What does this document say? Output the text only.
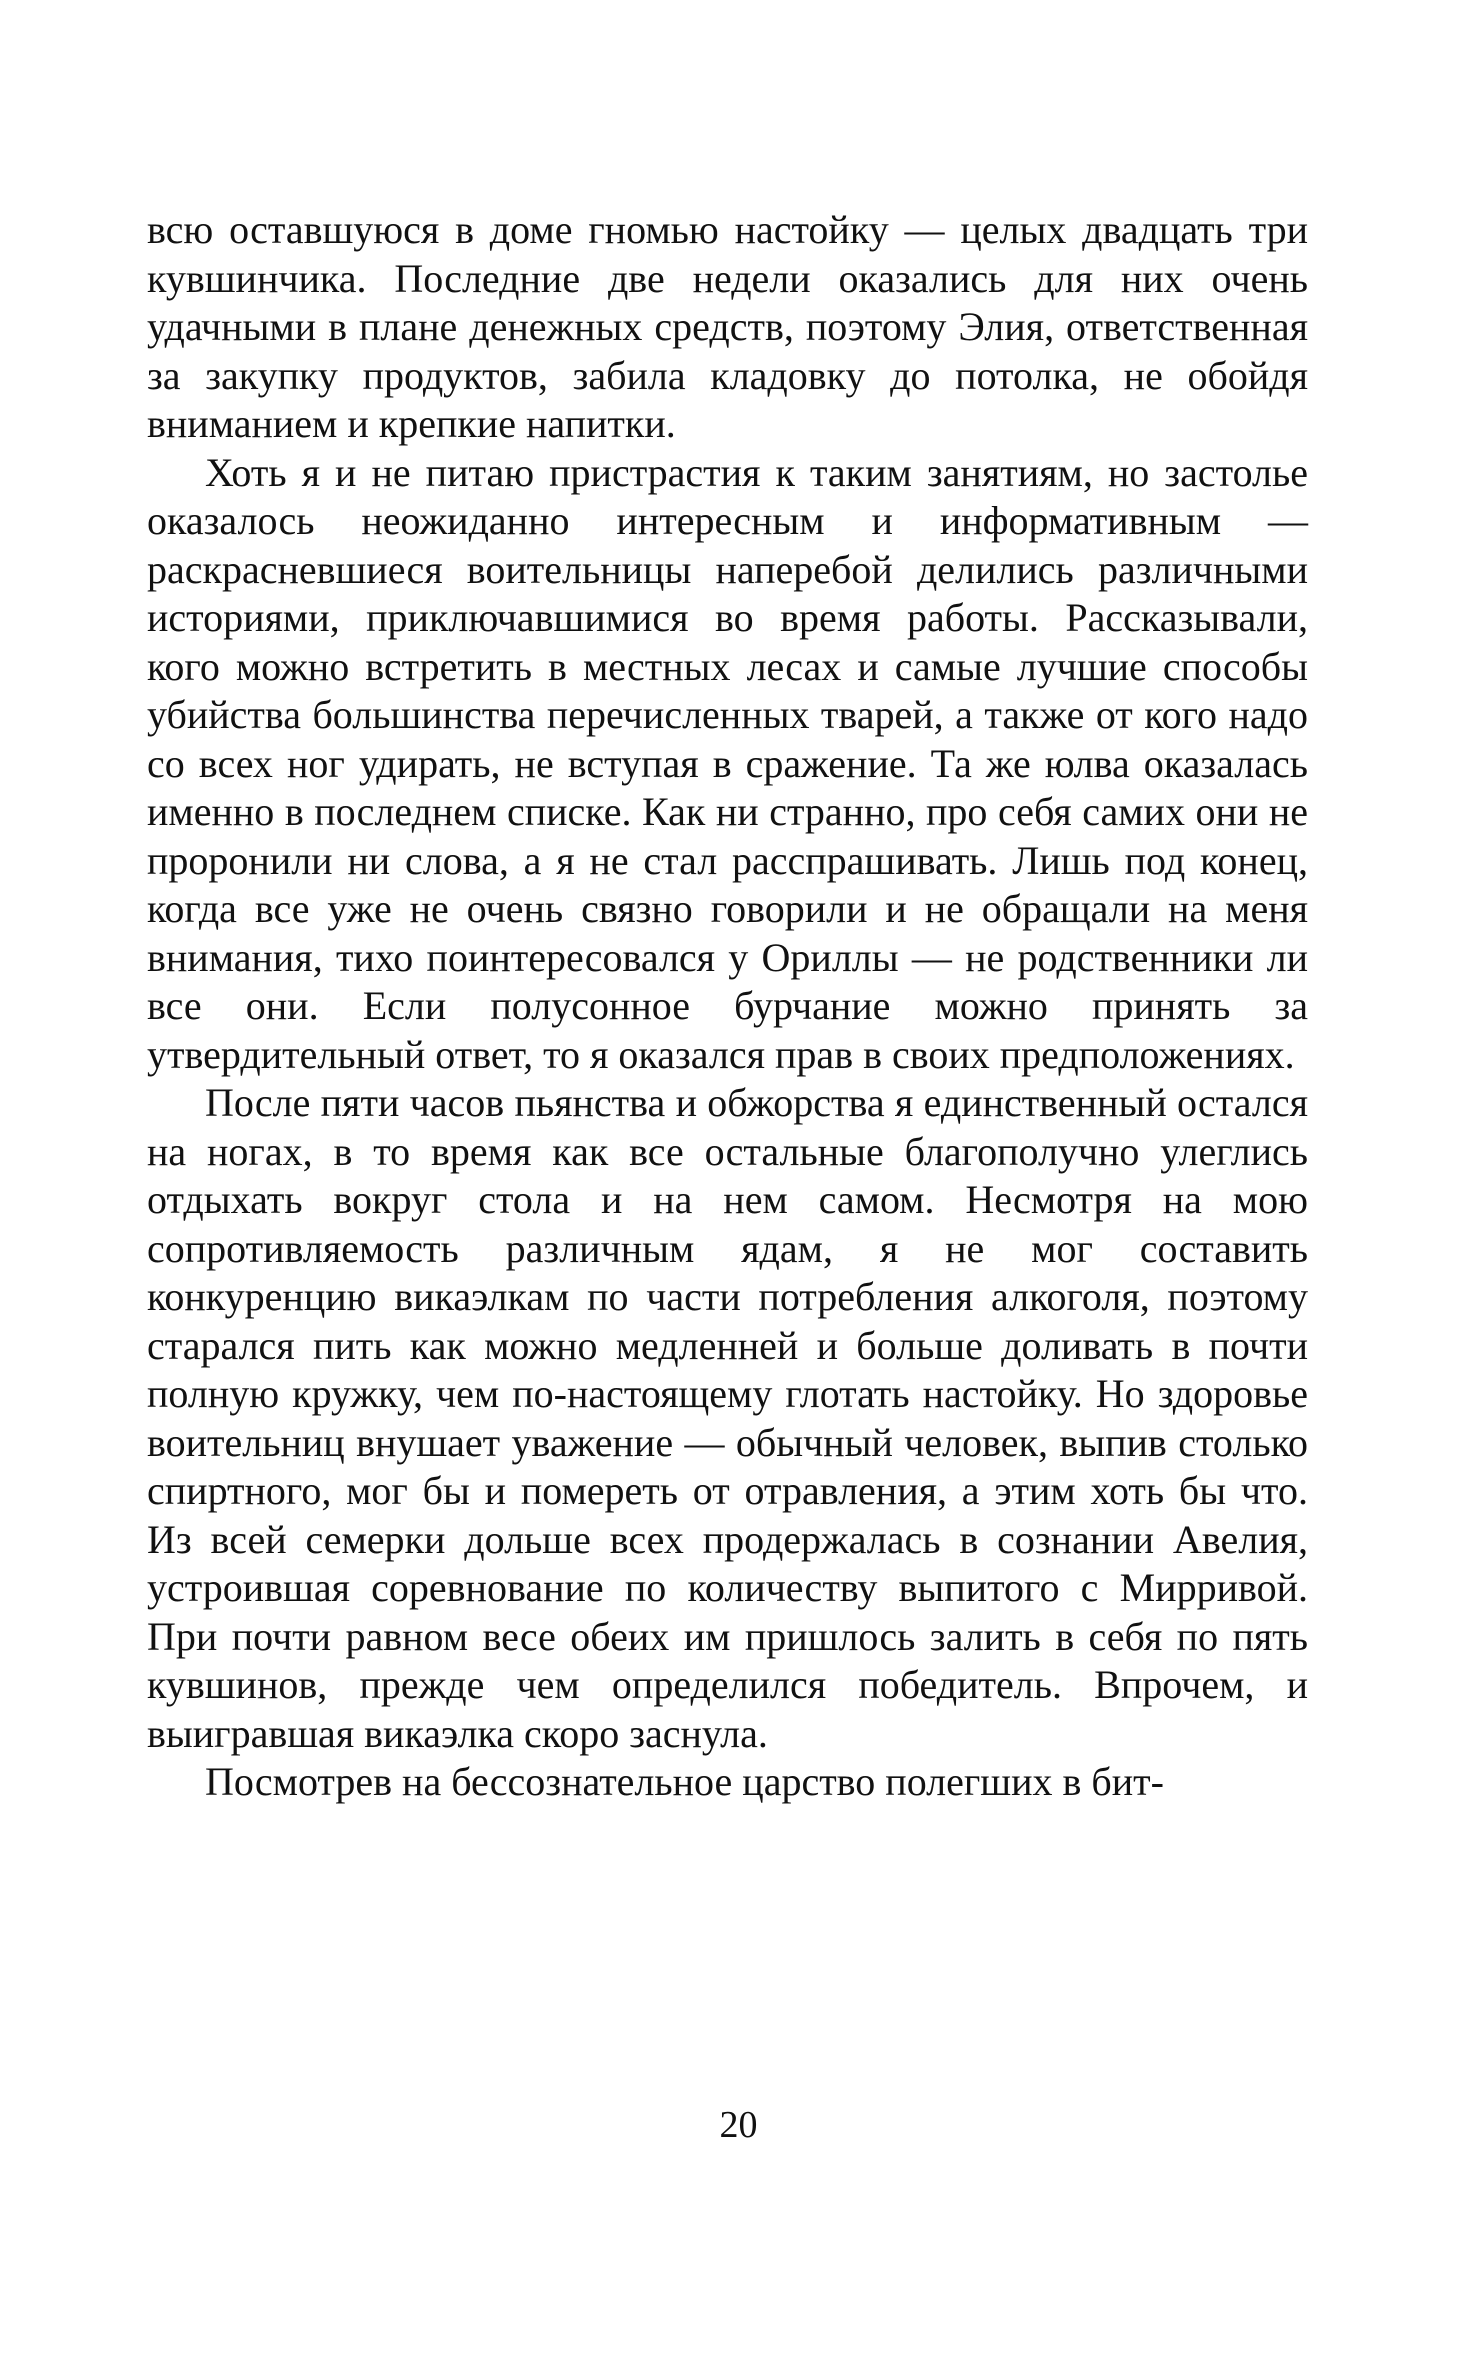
всю оставшуюся в доме гномью настойку — целых двадцать три кувшинчика. Последние две недели оказались для них очень удачными в плане денежных средств, поэтому Элия, ответственная за закупку продуктов, забила кладовку до потолка, не обойдя вниманием и крепкие напитки.

Хоть я и не питаю пристрастия к таким занятиям, но застолье оказалось неожиданно интересным и информативным — раскрасневшиеся воительницы наперебой делились различными историями, приключавшимися во время работы. Рассказывали, кого можно встретить в местных лесах и самые лучшие способы убийства большинства перечисленных тварей, а также от кого надо со всех ног удирать, не вступая в сражение. Та же юлва оказалась именно в последнем списке. Как ни странно, про себя самих они не проронили ни слова, а я не стал расспрашивать. Лишь под конец, когда все уже не очень связно говорили и не обращали на меня внимания, тихо поинтересовался у Ориллы — не родственники ли все они. Если полусонное бурчание можно принять за утвердительный ответ, то я оказался прав в своих предположениях.

После пяти часов пьянства и обжорства я единственный остался на ногах, в то время как все остальные благополучно улеглись отдыхать вокруг стола и на нем самом. Несмотря на мою сопротивляемость различным ядам, я не мог составить конкуренцию викаэлкам по части потребления алкоголя, поэтому старался пить как можно медленней и больше доливать в почти полную кружку, чем по-настоящему глотать настойку. Но здоровье воительниц внушает уважение — обычный человек, выпив столько спиртного, мог бы и помереть от отравления, а этим хоть бы что. Из всей семерки дольше всех продержалась в сознании Авелия, устроившая соревнование по количеству выпитого с Мирривой. При почти равном весе обеих им пришлось залить в себя по пять кувшинов, прежде чем определился победитель. Впрочем, и выигравшая викаэлка скоро заснула.

Посмотрев на бессознательное царство полегших в бит-

20
